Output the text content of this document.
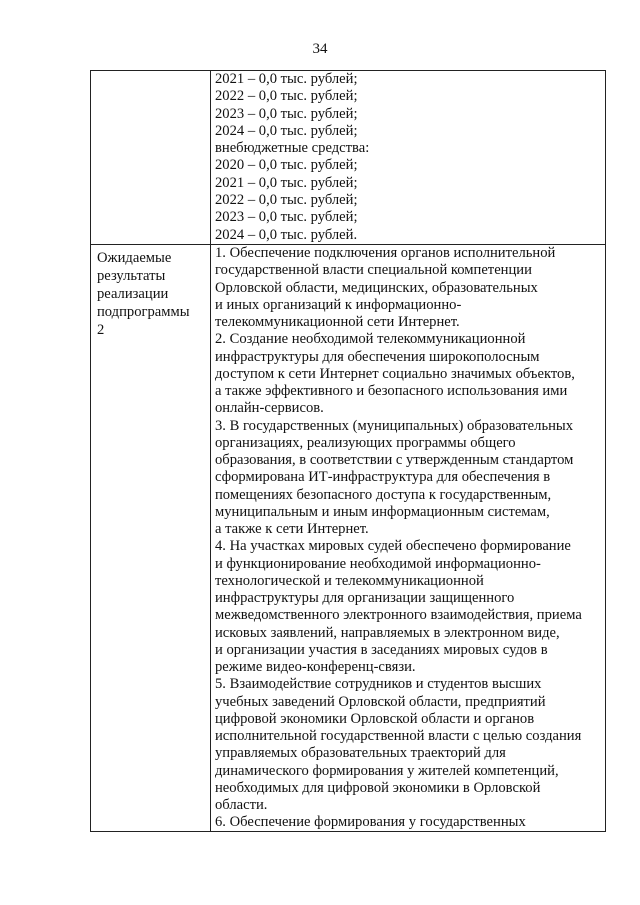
34
2021 – 0,0 тыс. рублей;
2022 – 0,0 тыс. рублей;
2023 – 0,0 тыс. рублей;
2024 – 0,0 тыс. рублей;
внебюджетные средства:
2020 – 0,0 тыс. рублей;
2021 – 0,0 тыс. рублей;
2022 – 0,0 тыс. рублей;
2023 – 0,0 тыс. рублей;
2024 – 0,0 тыс. рублей.
Ожидаемые
результаты
реализации
подпрограммы
2
1. Обеспечение подключения органов исполнительной
государственной власти специальной компетенции
Орловской области, медицинских, образовательных
и иных организаций к информационно-
телекоммуникационной сети Интернет.
2. Создание необходимой телекоммуникационной
инфраструктуры для обеспечения широкополосным
доступом к сети Интернет социально значимых объектов,
а также эффективного и безопасного использования ими
онлайн-сервисов.
3. В государственных (муниципальных) образовательных
организациях, реализующих программы общего
образования, в соответствии с утвержденным стандартом
сформирована ИТ-инфраструктура для обеспечения в
помещениях безопасного доступа к государственным,
муниципальным и иным информационным системам,
а также к сети Интернет.
4. На участках мировых судей обеспечено формирование
и функционирование необходимой информационно-
технологической и телекоммуникационной
инфраструктуры для организации защищенного
межведомственного электронного взаимодействия, приема
исковых заявлений, направляемых в электронном виде,
и организации участия в заседаниях мировых судов в
режиме видео-конференц-связи.
5. Взаимодействие сотрудников и студентов высших
учебных заведений Орловской области, предприятий
цифровой экономики Орловской области и органов
исполнительной государственной власти с целью создания
управляемых образовательных траекторий для
динамического формирования у жителей компетенций,
необходимых для цифровой экономики в Орловской
области.
6. Обеспечение формирования у государственных
